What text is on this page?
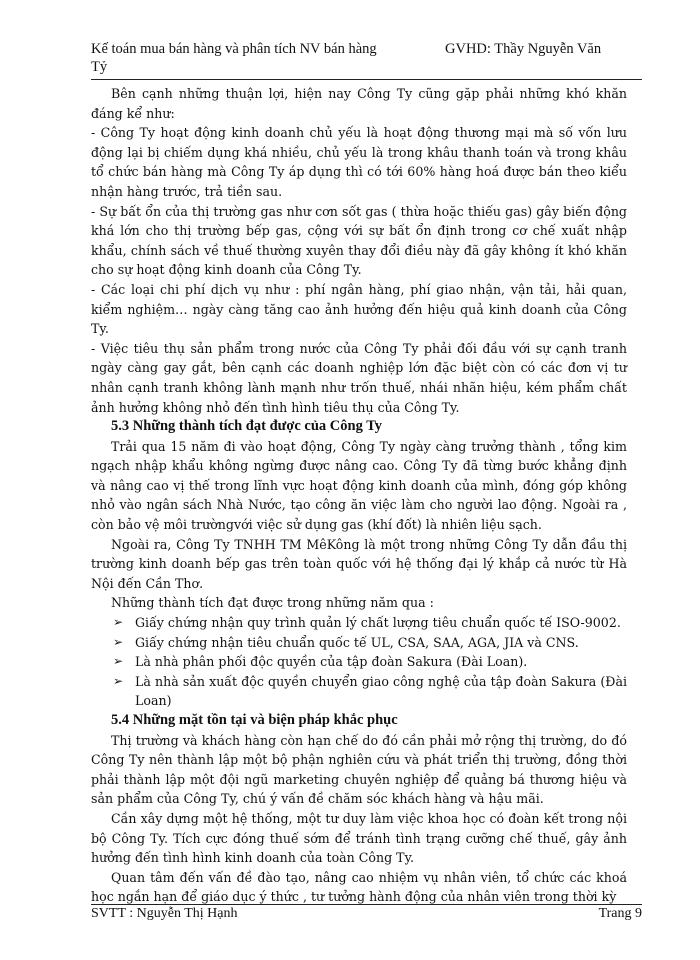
Kế toán mua bán hàng và phân tích NV bán hàng	GVHD: Thầy Nguyễn Văn
Tỷ

Bên cạnh những thuận lợi, hiện nay Công Ty cũng gặp phải những khó khăn đáng kể như:

- Công Ty hoạt động kinh doanh chủ yếu là hoạt động thương mại mà số vốn lưu động lại bị chiếm dụng khá nhiều, chủ yếu là trong khâu thanh toán và trong khâu tổ chức bán hàng mà Công Ty áp dụng thì có tới 60% hàng hoá được bán theo kiểu nhận hàng trước, trả tiền sau.

- Sự bất ổn của thị trường gas như cơn sốt gas ( thừa hoặc thiếu gas) gây biến động khá lớn cho thị trường bếp gas, cộng với sự bất ổn định trong cơ chế xuất nhập khẩu, chính sách về thuế thường xuyên thay đổi điều này đã gây không ít khó khăn cho sự hoạt động kinh doanh của Công Ty.

- Các loại chi phí dịch vụ như : phí ngân hàng, phí giao nhận, vận tải, hải quan, kiểm nghiệm… ngày càng tăng cao ảnh hưởng đến hiệu quả kinh doanh của Công Ty.

- Việc tiêu thụ sản phẩm trong nước của Công Ty phải đối đầu với sự cạnh tranh ngày càng gay gắt, bên cạnh các doanh nghiệp lớn đặc biệt còn có các đơn vị tư nhân cạnh tranh không lành mạnh như trốn thuế, nhái nhãn hiệu, kém phẩm chất ảnh hưởng không nhỏ đến tình hình tiêu thụ của Công Ty.

5.3 Những thành tích đạt được của Công Ty

Trải qua 15 năm đi vào hoạt động, Công Ty ngày càng trưởng thành , tổng kim ngạch nhập khẩu không ngừng được nâng cao. Công Ty đã từng bước khẳng định và nâng cao vị thế trong lĩnh vực hoạt động kinh doanh của mình, đóng góp không nhỏ vào ngân sách Nhà Nước, tạo công ăn việc làm cho người lao động. Ngoài ra , còn bảo vệ môi trườngvới việc sử dụng gas (khí đốt) là nhiên liệu sạch.

Ngoài ra, Công Ty TNHH TM MêKông là một trong những Công Ty dẫn đầu thị trường kinh doanh bếp gas trên toàn quốc với hệ thống đại lý khắp cả nước từ Hà Nội đến Cần Thơ.

Những thành tích đạt được trong những năm qua :

➢ Giấy chứng nhận quy trình quản lý chất lượng tiêu chuẩn quốc tế ISO-9002.
➢ Giấy chứng nhận tiêu chuẩn quốc tế UL, CSA, SAA, AGA, JIA và CNS.
➢ Là nhà phân phối độc quyền của tập đoàn Sakura (Đài Loan).
➢ Là nhà sản xuất độc quyền chuyển giao công nghệ của tập đoàn Sakura (Đài Loan)
5.4 Những mặt tồn tại và biện pháp khắc phục

Thị trường và khách hàng còn hạn chế do đó cần phải mở rộng thị trường, do đó Công Ty nên thành lập một bộ phận nghiên cứu và phát triển thị trường, đồng thời phải thành lập một đội ngũ marketing chuyên nghiệp để quảng bá thương hiệu và sản phẩm của Công Ty, chú ý vấn đề chăm sóc khách hàng và hậu mãi.

Cần xây dựng một hệ thống, một tư duy làm việc khoa học có đoàn kết trong nội bộ Công Ty. Tích cực đóng thuế sớm để tránh tình trạng cưỡng chế thuế, gây ảnh hưởng đến tình hình kinh doanh của toàn Công Ty.

Quan tâm đến vấn đề đào tạo, nâng cao nhiệm vụ nhân viên, tổ chức các khoá học ngắn hạn để giáo dục ý thức , tư tưởng hành động của nhân viên trong thời kỳ

SVTT : Nguyễn Thị Hạnh	Trang 9
